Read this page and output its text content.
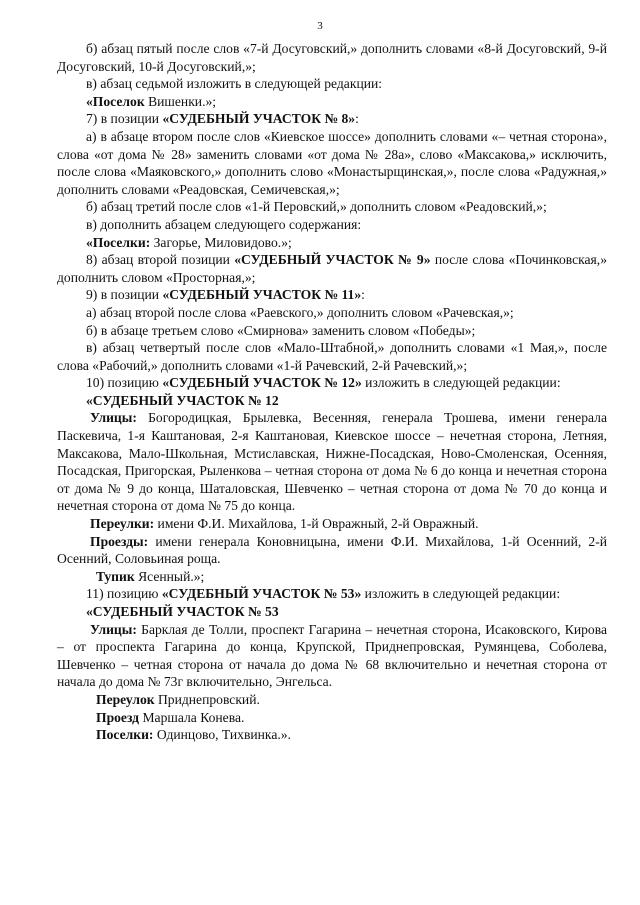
3

б) абзац пятый после слов «7-й Досуговский,» дополнить словами «8-й Досуговский, 9-й Досуговский, 10-й Досуговский,»;

в) абзац седьмой изложить в следующей редакции:

«Поселок Вишенки.»;

7) в позиции «СУДЕБНЫЙ УЧАСТОК № 8»:

а) в абзаце втором после слов «Киевское шоссе» дополнить словами «– четная сторона», слова «от дома № 28» заменить словами «от дома № 28а», слово «Максакова,» исключить, после слова «Маяковского,» дополнить слово «Монастырщинская,», после слова «Радужная,» дополнить словами «Реадовская, Семичевская,»;

б) абзац третий после слов «1-й Перовский,» дополнить словом «Реадовский,»;

в) дополнить абзацем следующего содержания:

«Поселки: Загорье, Миловидово.»;

8) абзац второй позиции «СУДЕБНЫЙ УЧАСТОК № 9» после слова «Починковская,» дополнить словом «Просторная,»;

9) в позиции «СУДЕБНЫЙ УЧАСТОК № 11»:

а) абзац второй после слова «Раевского,» дополнить словом «Рачевская,»;

б) в абзаце третьем слово «Смирнова» заменить словом «Победы»;

в) абзац четвертый после слов «Мало-Штабной,» дополнить словами «1 Мая,», после слова «Рабочий,» дополнить словами «1-й Рачевский, 2-й Рачевский,»;

10) позицию «СУДЕБНЫЙ УЧАСТОК № 12» изложить в следующей редакции:

«СУДЕБНЫЙ УЧАСТОК № 12

Улицы: Богородицкая, Брылевка, Весенняя, генерала Трошева, имени генерала Паскевича, 1-я Каштановая, 2-я Каштановая, Киевское шоссе – нечетная сторона, Летняя, Максакова, Мало-Школьная, Мстиславская, Нижне-Посадская, Ново-Смоленская, Осенняя, Посадская, Пригорская, Рыленкова – четная сторона от дома № 6 до конца и нечетная сторона от дома № 9 до конца, Шаталовская, Шевченко – четная сторона от дома № 70 до конца и нечетная сторона от дома № 75 до конца.

Переулки: имени Ф.И. Михайлова, 1-й Овражный, 2-й Овражный.

Проезды: имени генерала Коновницына, имени Ф.И. Михайлова, 1-й Осенний, 2-й Осенний, Соловьиная роща.

Тупик Ясенный.»;

11) позицию «СУДЕБНЫЙ УЧАСТОК № 53» изложить в следующей редакции:

«СУДЕБНЫЙ УЧАСТОК № 53

Улицы: Барклая де Толли, проспект Гагарина – нечетная сторона, Исаковского, Кирова – от проспекта Гагарина до конца, Крупской, Приднепровская, Румянцева, Соболева, Шевченко – четная сторона от начала до дома № 68 включительно и нечетная сторона от начала до дома № 73г включительно, Энгельса.

Переулок Приднепровский.

Проезд Маршала Конева.

Поселки: Одинцово, Тихвинка.».
